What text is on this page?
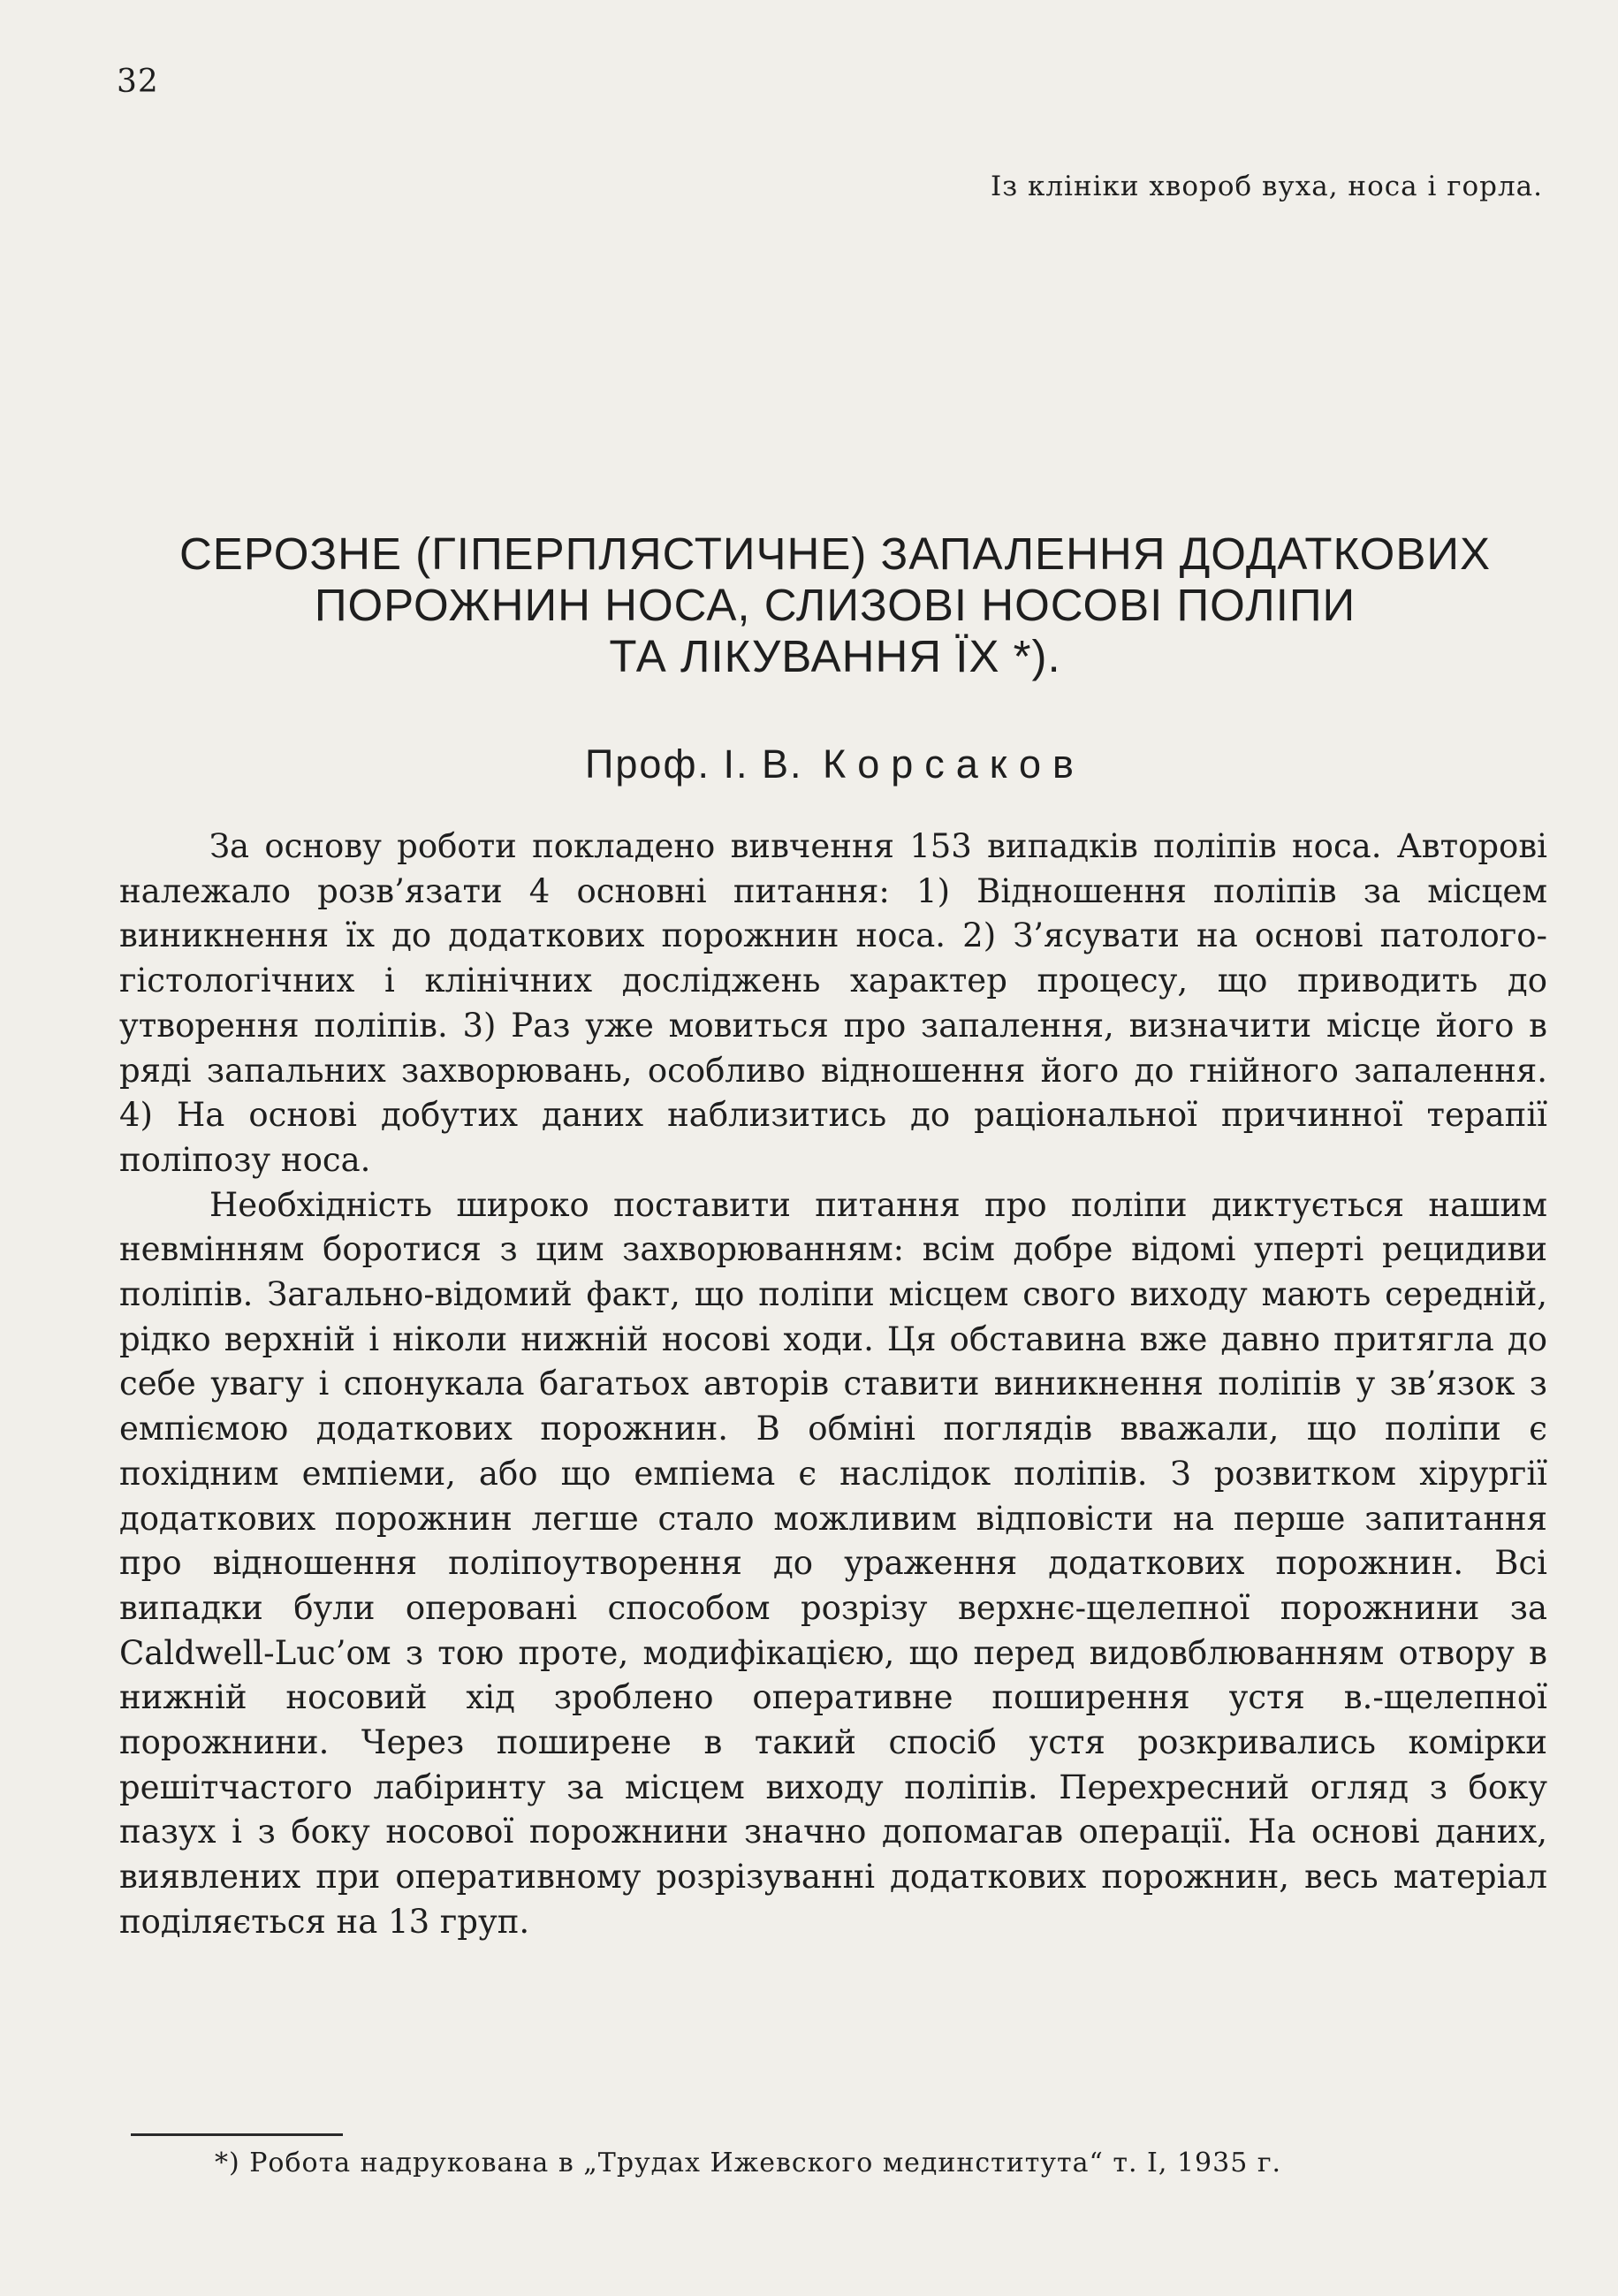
32
Із клініки хвороб вуха, носа і горла.
СЕРОЗНЕ (ГІПЕРПЛЯСТИЧНЕ) ЗАПАЛЕННЯ ДОДАТКОВИХ
ПОРОЖНИН НОСА, СЛИЗОВІ НОСОВІ ПОЛІПИ
ТА ЛІКУВАННЯ ЇХ *).
Проф. І. В. Корсаков

За основу роботи покладено вивчення 153 випадків поліпів носа. Авторові належало розв’язати 4 основні питання: 1) Відношення поліпів за місцем виникнення їх до додаткових порожнин носа. 2) З’ясувати на основі патолого-гістологічних і клінічних досліджень характер процесу, що приводить до утворення поліпів. 3) Раз уже мовиться про запалення, визначити місце його в ряді запальних захворювань, особливо відношення його до гнійного запалення. 4) На основі добутих даних наблизитись до раціональної причинної терапії поліпозу носа.

Необхідність широко поставити питання про поліпи диктується нашим невмінням боротися з цим захворюванням: всім добре відомі уперті рецидиви поліпів. Загально-відомий факт, що поліпи місцем свого виходу мають середній, рідко верхній і ніколи нижній носові ходи. Ця обставина вже давно притягла до себе увагу і спонукала багатьох авторів ставити виникнення поліпів у зв’язок з емпіємою додаткових порожнин. В обміні поглядів вважали, що поліпи є похідним емпіеми, або що емпіема є наслідок поліпів. З розвитком хірургії додаткових порожнин легше стало можливим відповісти на перше запитання про відношення поліпоутворення до ураження додаткових порожнин. Всі випадки були оперовані способом розрізу верхнє-щелепної порожнини за Caldwell-Luc’ом з тою проте, модифікацією, що перед видовблюванням отвору в нижній носовий хід зроблено оперативне поширення устя в.-щелепної порожнини. Через поширене в такий спосіб устя розкривались комірки решітчастого лабіринту за місцем виходу поліпів. Перехресний огляд з боку пазух і з боку носової порожнини значно допомагав операції. На основі даних, виявлених при оперативному розрізуванні додаткових порожнин, весь матеріал поділяється на 13 груп.

*) Робота надрукована в „Трудах Ижевского мединститута“ т. I, 1935 г.
